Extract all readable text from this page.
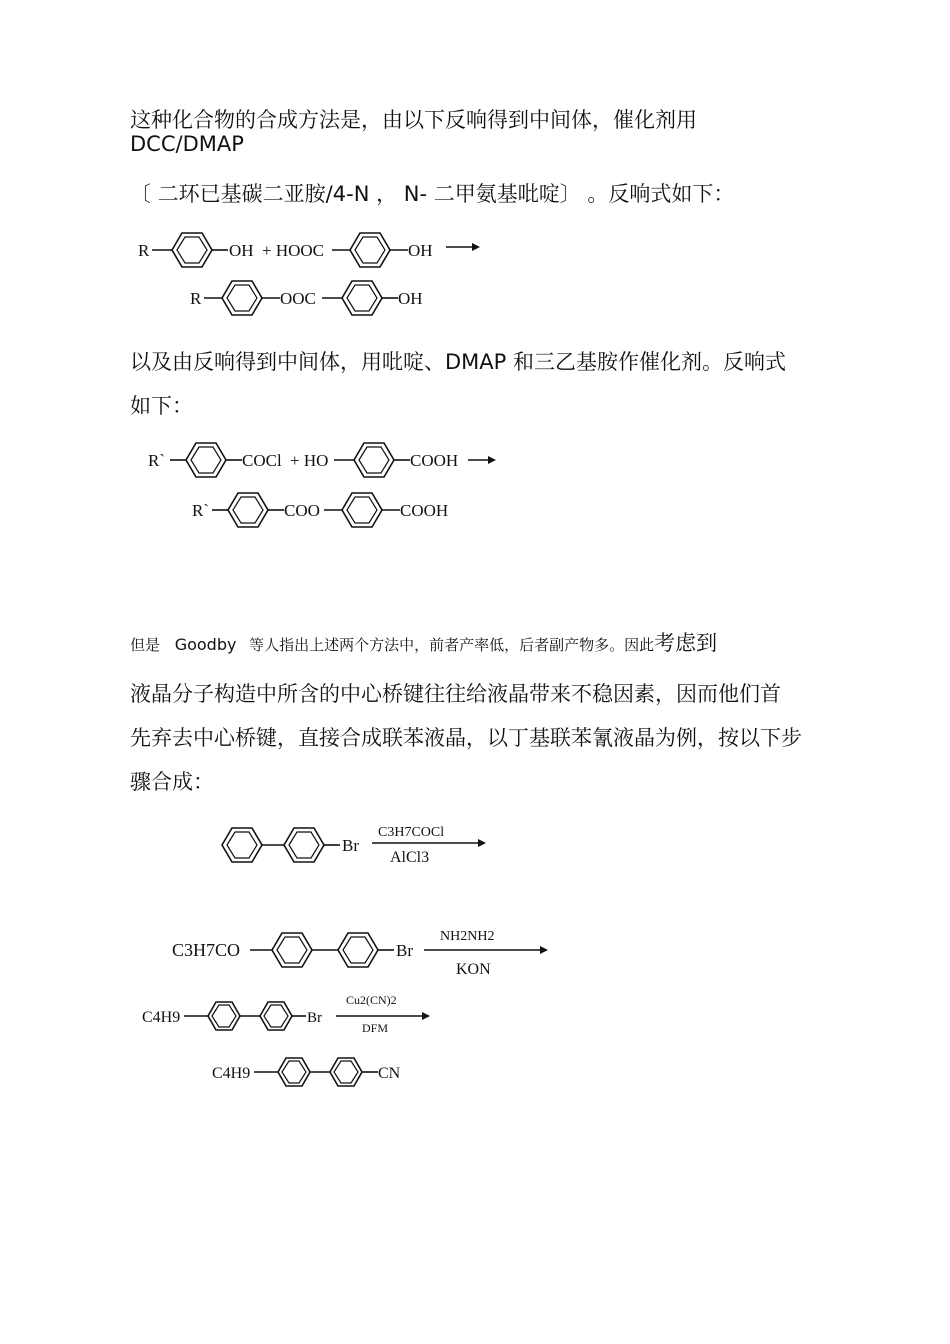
这种化合物的合成方法是，由以下反响得到中间体，催化剂用
DCC/DMAP
〔 二环已基碳二亚胺/4-N ， N- 二甲氨基吡啶〕 。反响式如下：
R	OH + HOOC	OH
R	OOC	OH
以及由反响得到中间体，用吡啶、DMAP 和三乙基胺作催化剂。反响式
如下：
R`	COCl + HO	COOH
R`	COO	COOH
但是 Goodby 等人指出上述两个方法中，前者产率低，后者副产物多。因此考虑到
液晶分子构造中所含的中心桥键往往给液晶带来不稳因素，因而他们首
先弃去中心桥键，直接合成联苯液晶，以丁基联苯氰液晶为例，按以下步
骤合成：
Br
C3H7COCl
AlCl3
C3H7CO	Br
NH2NH2
KON
C4H9	Br
Cu2(CN)2
DFM
C4H9	CN
